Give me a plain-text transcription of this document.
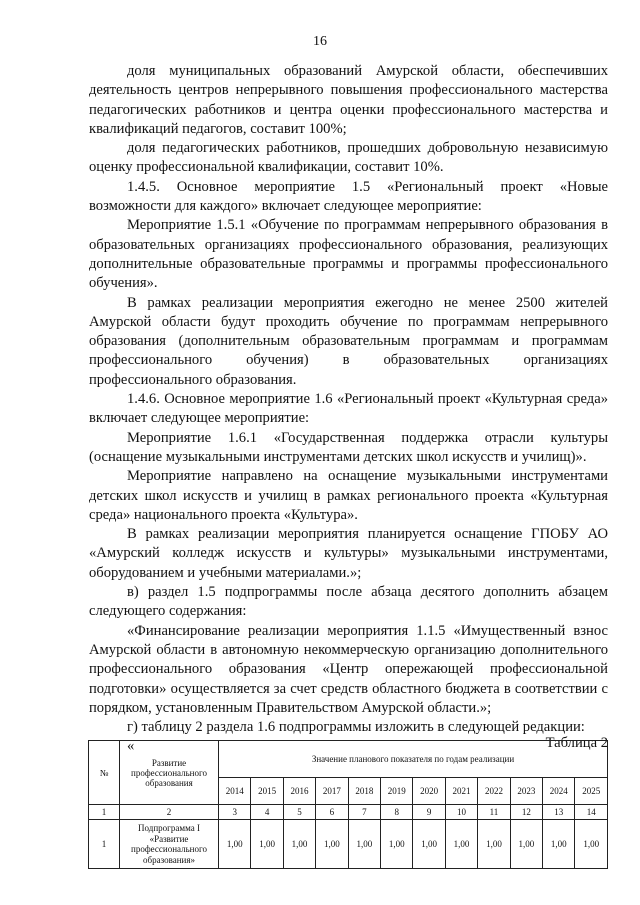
16

доля муниципальных образований Амурской области, обеспечивших деятельность центров непрерывного повышения профессионального мастерства педагогических работников и центра оценки профессионального мастерства и квалификаций педагогов, составит 100%;

доля педагогических работников, прошедших добровольную независимую оценку профессиональной квалификации, составит 10%.

1.4.5. Основное мероприятие 1.5 «Региональный проект «Новые возможности для каждого» включает следующее мероприятие:

Мероприятие 1.5.1 «Обучение по программам непрерывного образования в образовательных организациях профессионального образования, реализующих дополнительные образовательные программы и программы профессионального обучения».

В рамках реализации мероприятия ежегодно не менее 2500 жителей Амурской области будут проходить обучение по программам непрерывного образования (дополнительным образовательным программам и программам профессионального обучения) в образовательных организациях профессионального образования.

1.4.6. Основное мероприятие 1.6 «Региональный проект «Культурная среда» включает следующее мероприятие:

Мероприятие 1.6.1 «Государственная поддержка отрасли культуры (оснащение музыкальными инструментами детских школ искусств и училищ)».

Мероприятие направлено на оснащение музыкальными инструментами детских школ искусств и училищ в рамках регионального проекта «Культурная среда» национального проекта «Культура».

В рамках реализации мероприятия планируется оснащение ГПОБУ АО «Амурский колледж искусств и культуры» музыкальными инструментами, оборудованием и учебными материалами.»;

в) раздел 1.5 подпрограммы после абзаца десятого дополнить абзацем следующего содержания:

«Финансирование реализации мероприятия 1.1.5 «Имущественный взнос Амурской области в автономную некоммерческую организацию дополнительного профессионального образования «Центр опережающей профессиональной подготовки» осуществляется за счет средств областного бюджета в соответствии с порядком, установленным Правительством Амурской области.»;

г) таблицу 2 раздела 1.6 подпрограммы изложить в следующей редакции:

«	Таблица 2
№	Развитие профессионального образования	Значение планового показателя по годам реализации											
		2014	2015	2016	2017	2018	2019	2020	2021	2022	2023	2024	2025
1	2	3	4	5	6	7	8	9	10	11	12	13	14
1	Подпрограмма I «Развитие профессионального образования»	1,00	1,00	1,00	1,00	1,00	1,00	1,00	1,00	1,00	1,00	1,00	1,00
